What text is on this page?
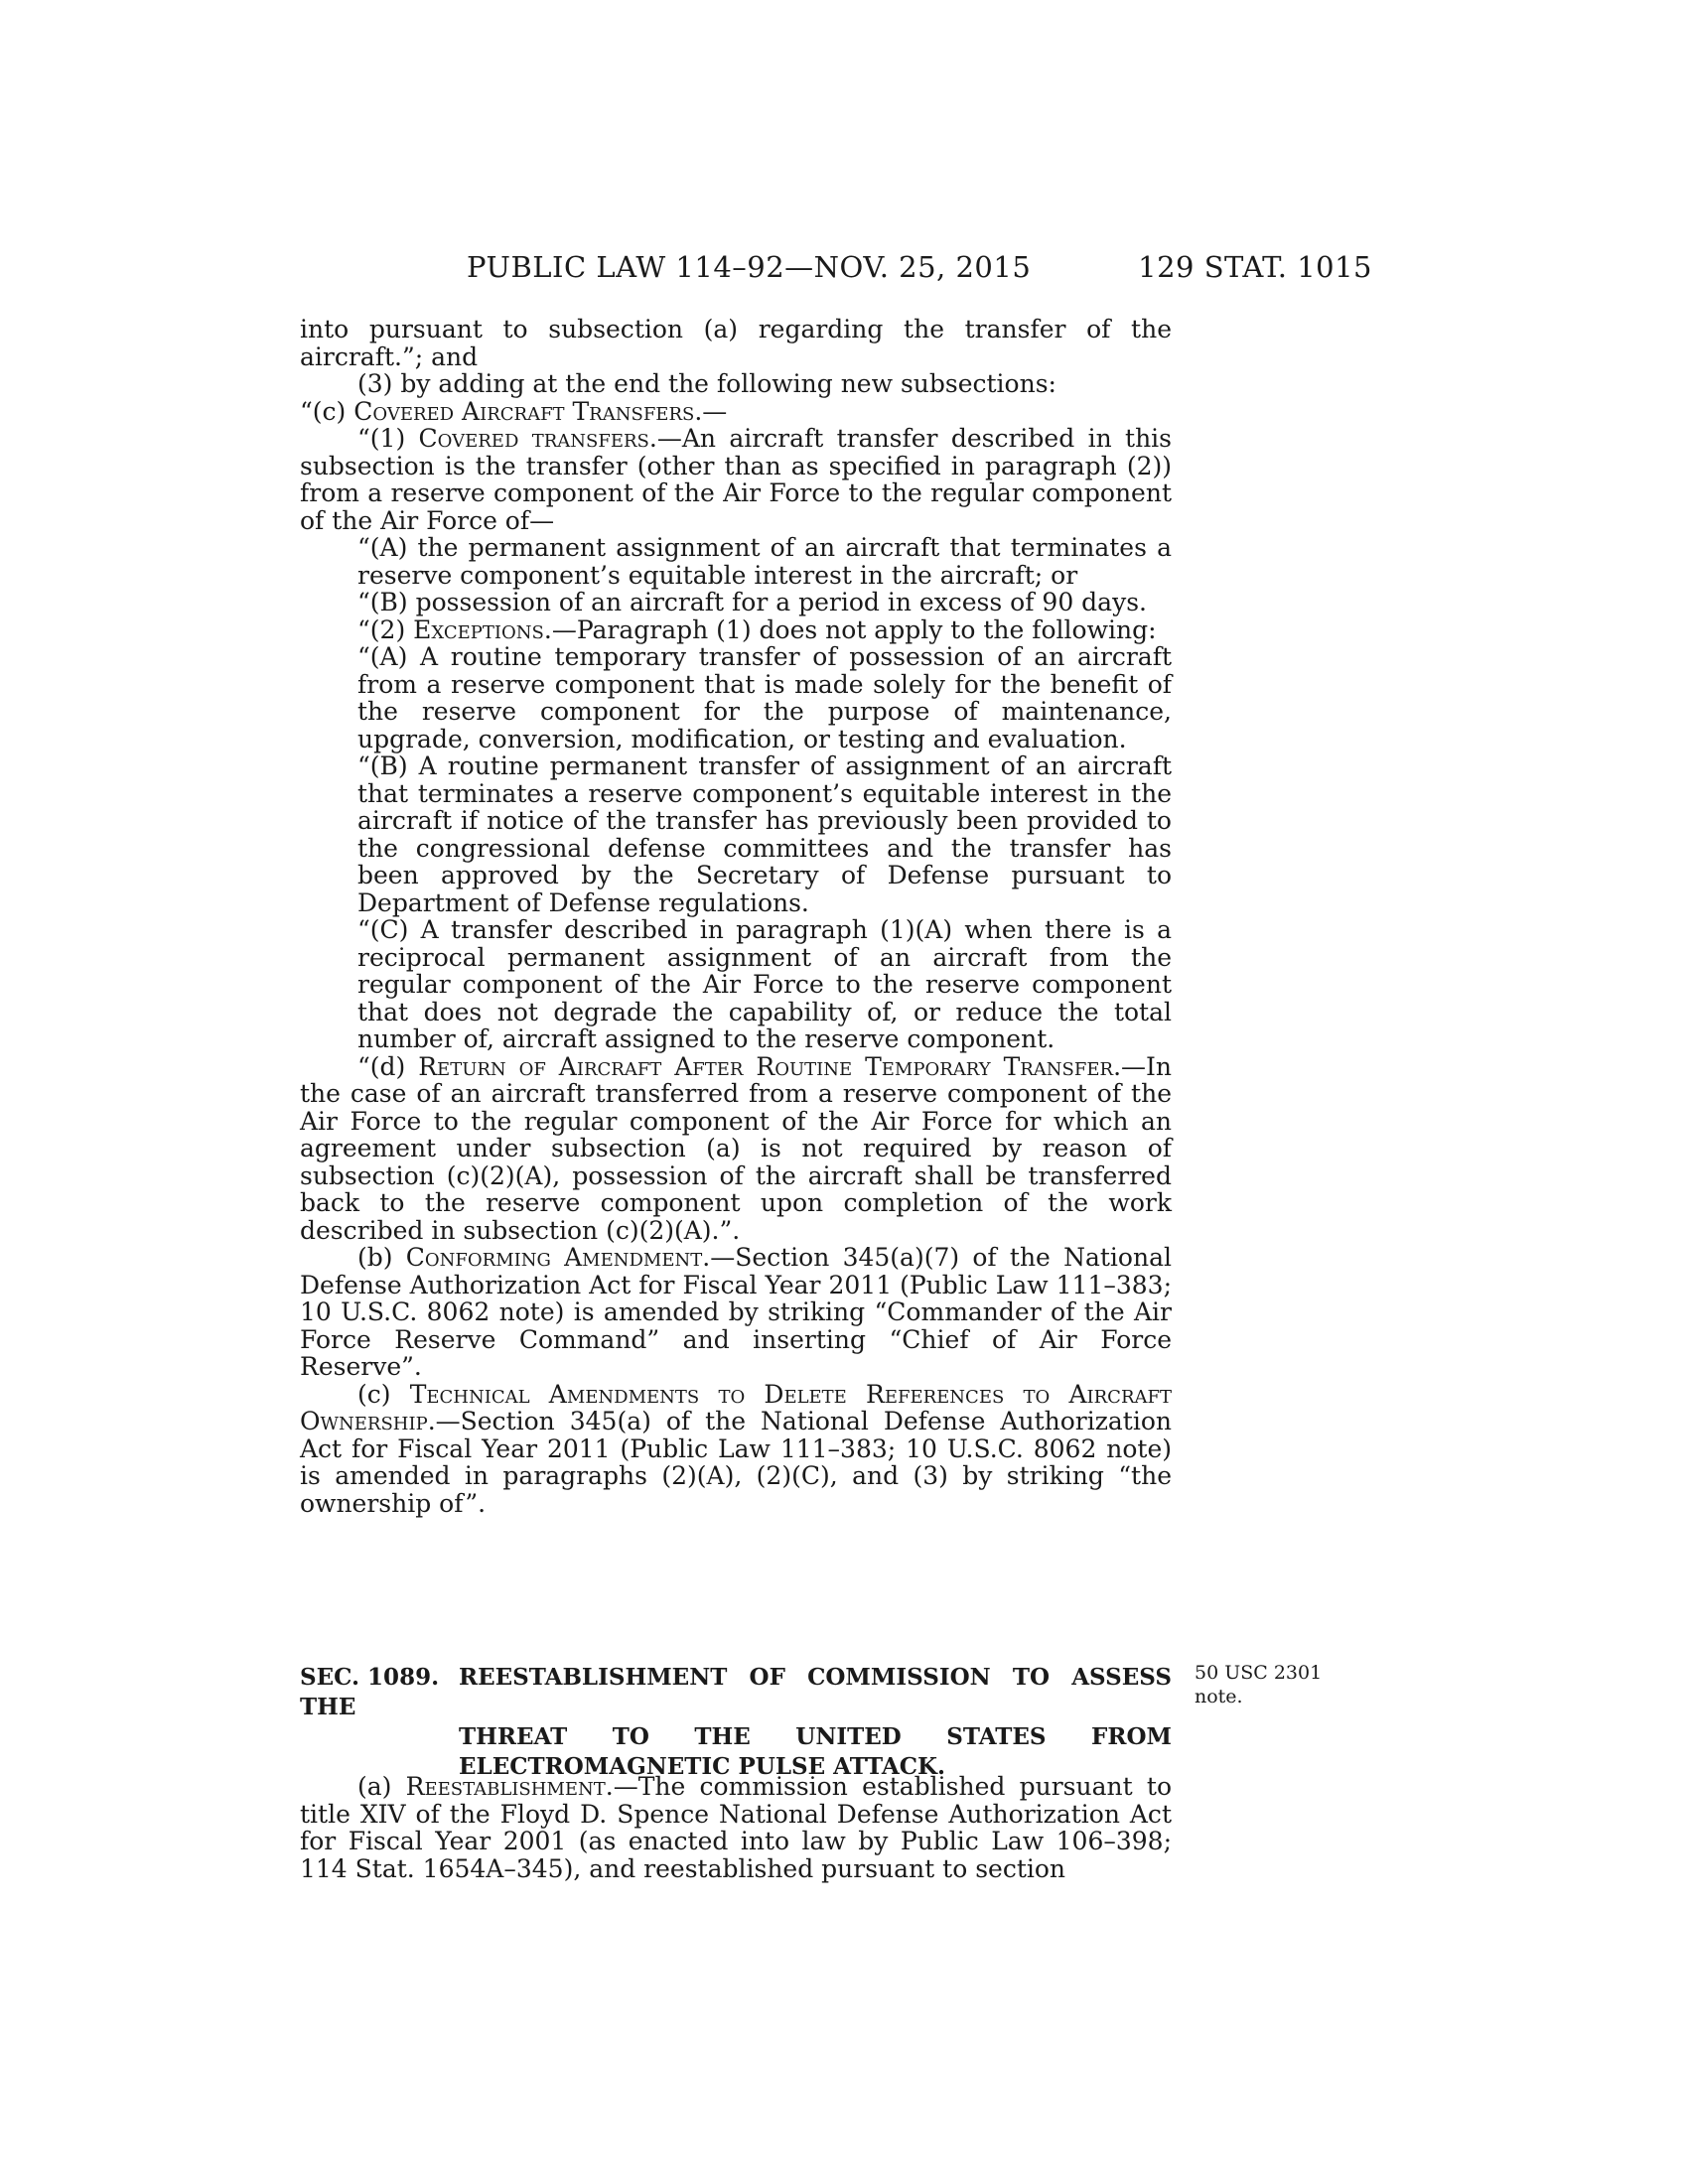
PUBLIC LAW 114–92—NOV. 25, 2015	129 STAT. 1015

into pursuant to subsection (a) regarding the transfer of the aircraft.”; and

(3) by adding at the end the following new subsections:

“(c) Covered Aircraft Transfers.—

“(1) Covered transfers.—An aircraft transfer described in this subsection is the transfer (other than as specified in paragraph (2)) from a reserve component of the Air Force to the regular component of the Air Force of—

“(A) the permanent assignment of an aircraft that terminates a reserve component’s equitable interest in the aircraft; or

“(B) possession of an aircraft for a period in excess of 90 days.

“(2) Exceptions.—Paragraph (1) does not apply to the following:

“(A) A routine temporary transfer of possession of an aircraft from a reserve component that is made solely for the benefit of the reserve component for the purpose of maintenance, upgrade, conversion, modification, or testing and evaluation.

“(B) A routine permanent transfer of assignment of an aircraft that terminates a reserve component’s equitable interest in the aircraft if notice of the transfer has previously been provided to the congressional defense committees and the transfer has been approved by the Secretary of Defense pursuant to Department of Defense regulations.

“(C) A transfer described in paragraph (1)(A) when there is a reciprocal permanent assignment of an aircraft from the regular component of the Air Force to the reserve component that does not degrade the capability of, or reduce the total number of, aircraft assigned to the reserve component.

“(d) Return of Aircraft After Routine Temporary Transfer.—In the case of an aircraft transferred from a reserve component of the Air Force to the regular component of the Air Force for which an agreement under subsection (a) is not required by reason of subsection (c)(2)(A), possession of the aircraft shall be transferred back to the reserve component upon completion of the work described in subsection (c)(2)(A).”.

(b) Conforming Amendment.—Section 345(a)(7) of the National Defense Authorization Act for Fiscal Year 2011 (Public Law 111–383; 10 U.S.C. 8062 note) is amended by striking “Commander of the Air Force Reserve Command” and inserting “Chief of Air Force Reserve”.

(c) Technical Amendments to Delete References to Aircraft Ownership.—Section 345(a) of the National Defense Authorization Act for Fiscal Year 2011 (Public Law 111–383; 10 U.S.C. 8062 note) is amended in paragraphs (2)(A), (2)(C), and (3) by striking “the ownership of”.

SEC. 1089. REESTABLISHMENT OF COMMISSION TO ASSESS THE
THREAT TO THE UNITED STATES FROM ELECTROMAGNETIC PULSE ATTACK.
50 USC 2301
note.

(a) Reestablishment.—The commission established pursuant to title XIV of the Floyd D. Spence National Defense Authorization Act for Fiscal Year 2001 (as enacted into law by Public Law 106–398; 114 Stat. 1654A–345), and reestablished pursuant to section
